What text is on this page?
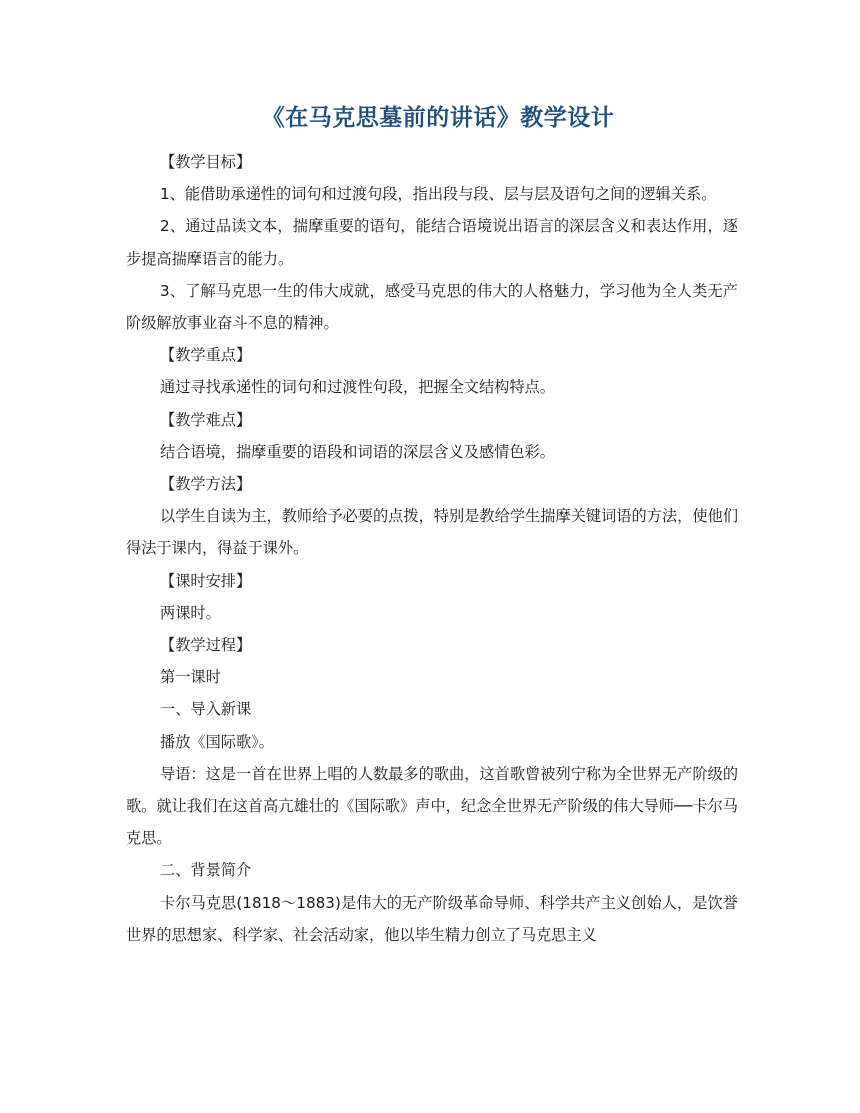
《在马克思墓前的讲话》教学设计

【教学目标】

1、能借助承递性的词句和过渡句段，指出段与段、层与层及语句之间的逻辑关系。

2、通过品读文本，揣摩重要的语句，能结合语境说出语言的深层含义和表达作用，逐步提高揣摩语言的能力。

3、了解马克思一生的伟大成就，感受马克思的伟大的人格魅力，学习他为全人类无产阶级解放事业奋斗不息的精神。

【教学重点】

通过寻找承递性的词句和过渡性句段，把握全文结构特点。

【教学难点】

结合语境，揣摩重要的语段和词语的深层含义及感情色彩。

【教学方法】

以学生自读为主，教师给予必要的点拨，特别是教给学生揣摩关键词语的方法，使他们得法于课内，得益于课外。

【课时安排】

两课时。

【教学过程】

第一课时

一、导入新课

播放《国际歌》。

导语：这是一首在世界上唱的人数最多的歌曲，这首歌曾被列宁称为全世界无产阶级的歌。就让我们在这首高亢雄壮的《国际歌》声中，纪念全世界无产阶级的伟大导师──卡尔马克思。

二、背景简介

卡尔马克思(1818～1883)是伟大的无产阶级革命导师、科学共产主义创始人，是饮誉世界的思想家、科学家、社会活动家，他以毕生精力创立了马克思主义
